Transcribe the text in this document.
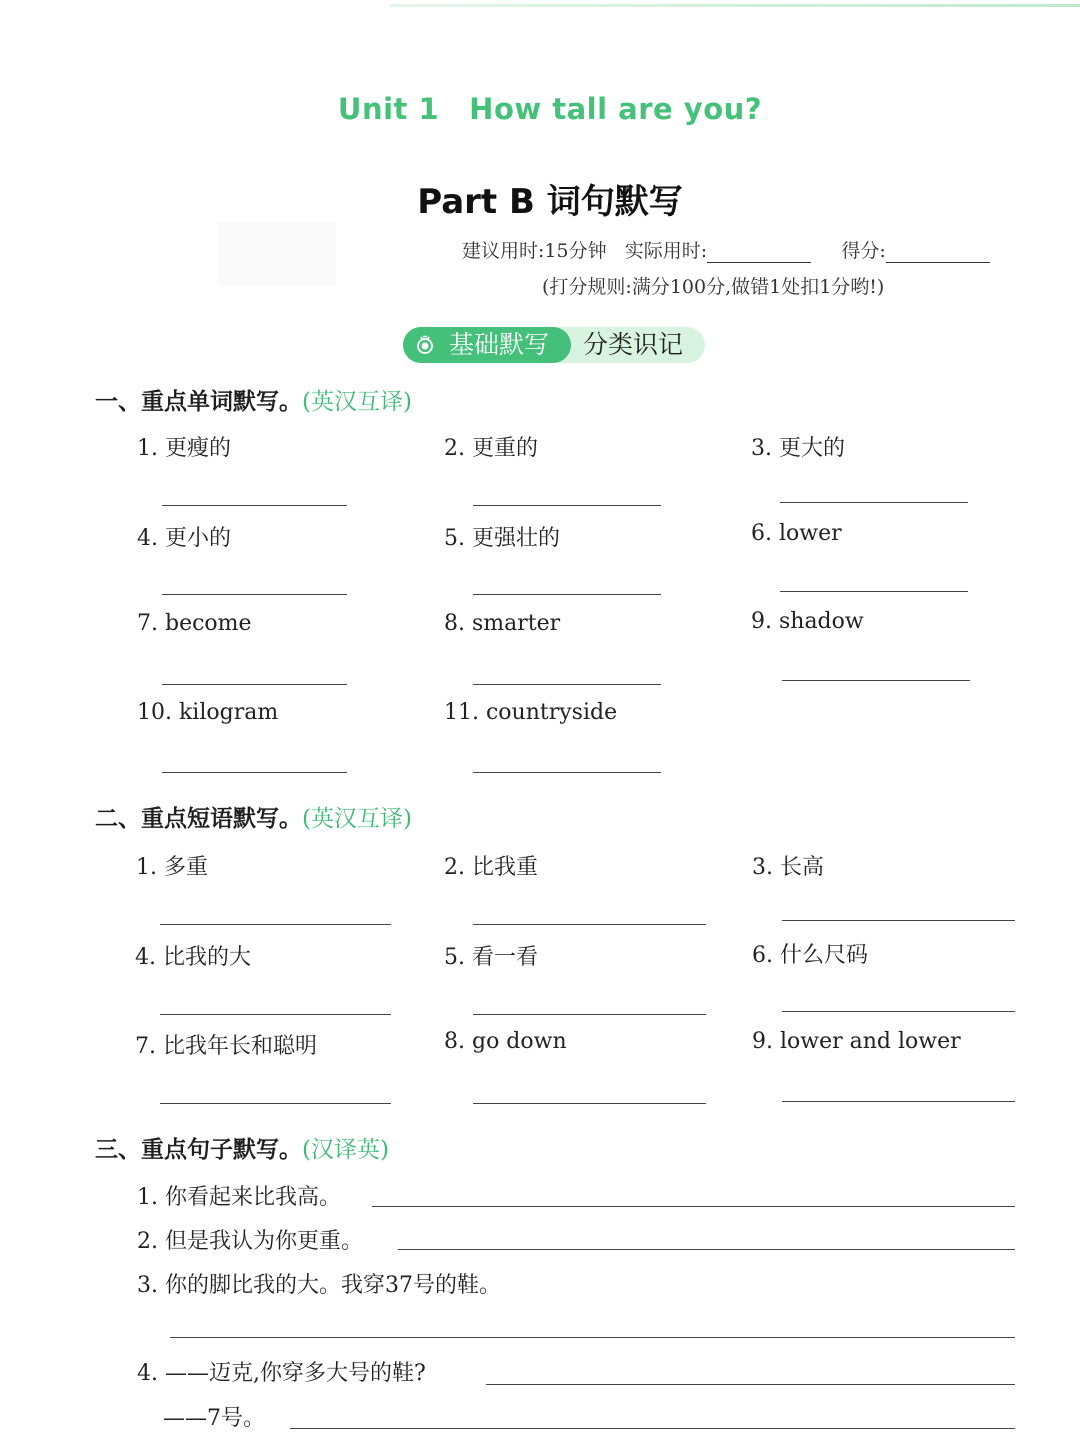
Unit 1 How tall are you?
Part B 词句默写
建议用时:15分钟 实际用时:	得分:
(打分规则:满分100分,做错1处扣1分哟!)
基础默写 分类识记
一、重点单词默写。(英汉互译)
1. 更瘦的	2. 更重的	3. 更大的
4. 更小的	5. 更强壮的	6. lower
7. become	8. smarter	9. shadow
10. kilogram	11. countryside
二、重点短语默写。(英汉互译)
1. 多重	2. 比我重	3. 长高
4. 比我的大	5. 看一看	6. 什么尺码
7. 比我年长和聪明	8. go down	9. lower and lower
三、重点句子默写。(汉译英)
1. 你看起来比我高。
2. 但是我认为你更重。
3. 你的脚比我的大。我穿37号的鞋。
4. ——迈克,你穿多大号的鞋?
——7号。
